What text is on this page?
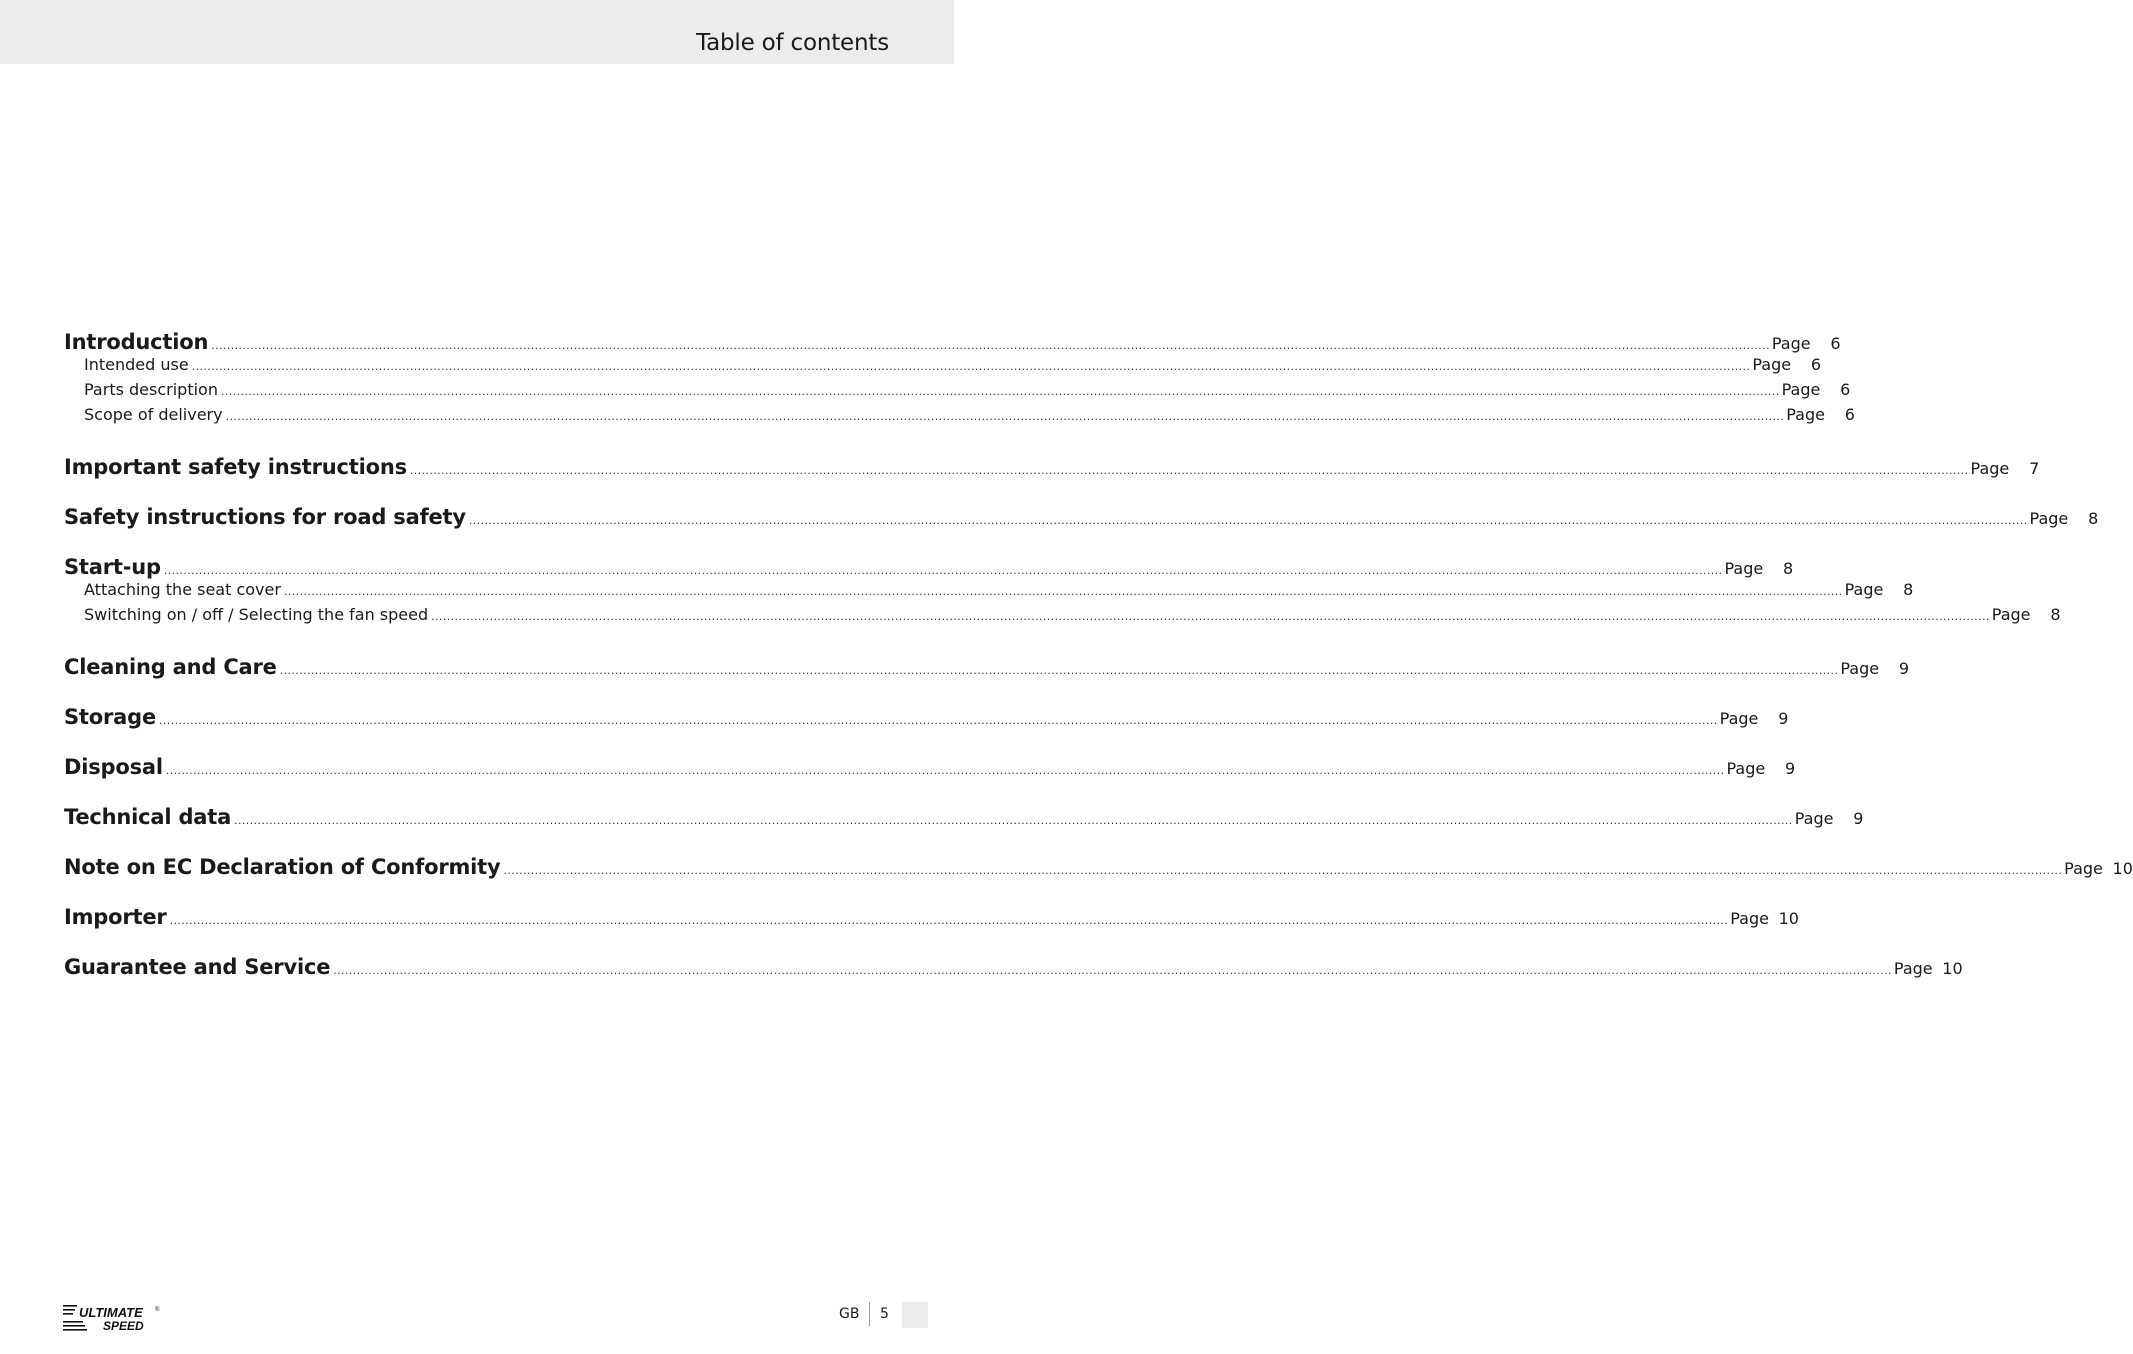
Table of contents
Introduction ................................................................................................................................................................................................................................................................................................................................................................................................................ Page	6
Intended use ................................................................................................................................................................................................................................................................................................................................................................................................................ Page	6
Parts description ................................................................................................................................................................................................................................................................................................................................................................................................................ Page	6
Scope of delivery ................................................................................................................................................................................................................................................................................................................................................................................................................ Page	6
Important safety instructions ................................................................................................................................................................................................................................................................................................................................................................................................................ Page	7
Safety instructions for road safety ................................................................................................................................................................................................................................................................................................................................................................................................................ Page	8
Start-up ................................................................................................................................................................................................................................................................................................................................................................................................................ Page	8
Attaching the seat cover ................................................................................................................................................................................................................................................................................................................................................................................................................ Page	8
Switching on / off / Selecting the fan speed ................................................................................................................................................................................................................................................................................................................................................................................................................ Page	8
Cleaning and Care ................................................................................................................................................................................................................................................................................................................................................................................................................ Page	9
Storage ................................................................................................................................................................................................................................................................................................................................................................................................................ Page	9
Disposal ................................................................................................................................................................................................................................................................................................................................................................................................................ Page	9
Technical data ................................................................................................................................................................................................................................................................................................................................................................................................................ Page	9
Note on EC Declaration of Conformity ................................................................................................................................................................................................................................................................................................................................................................................................................ Page 10
Importer ................................................................................................................................................................................................................................................................................................................................................................................................................ Page 10
Guarantee and Service ................................................................................................................................................................................................................................................................................................................................................................................................................ Page 10
ULTIMATE
SPEED
®	GB 5
